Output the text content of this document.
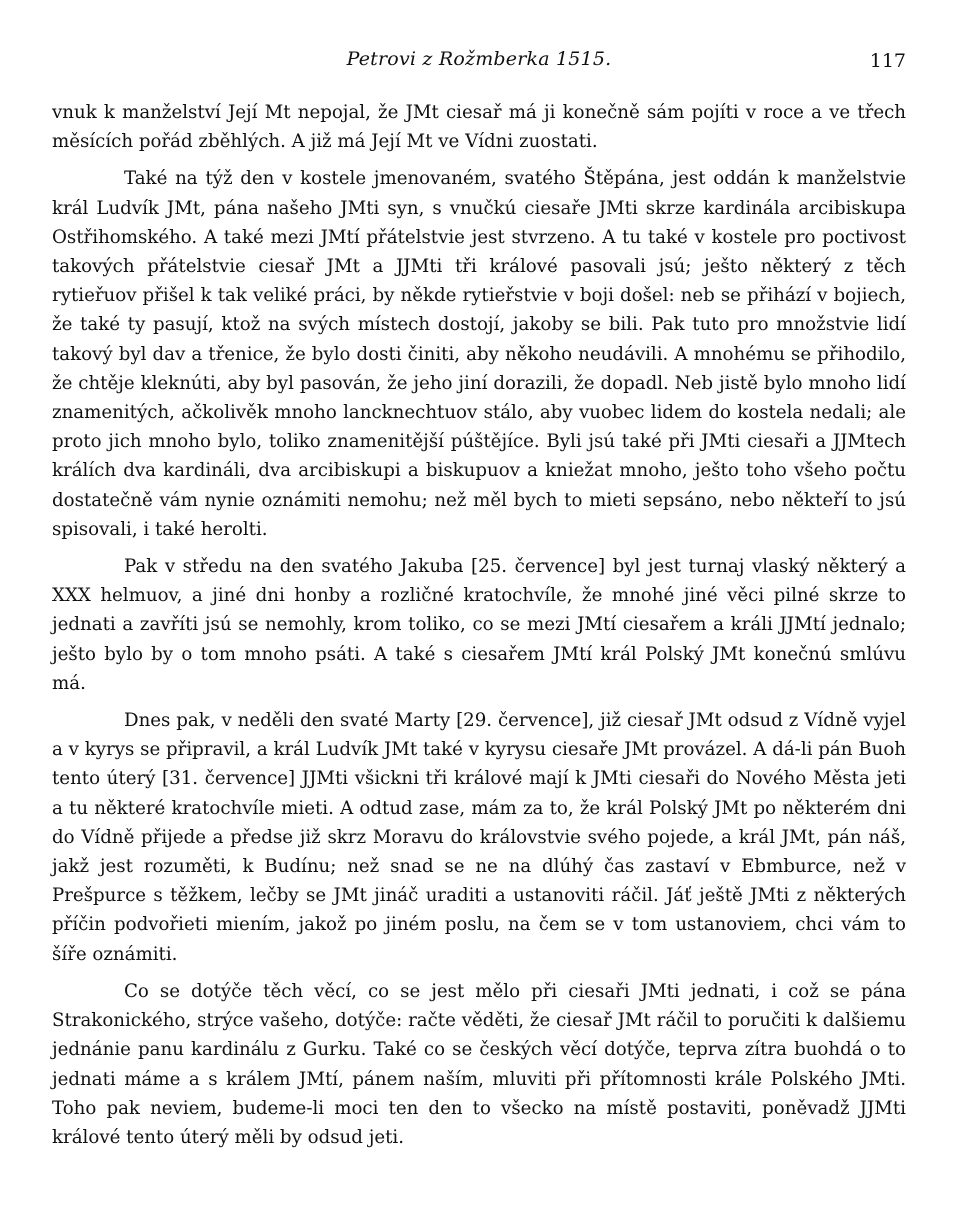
Petrovi z Rožmberka 1515.	117

vnuk k manželství Její Mt nepojal, že JMt ciesař má ji konečně sám pojíti v roce a ve třech měsících pořád zběhlých. A již má Její Mt ve Vídni zuostati.

Také na týž den v kostele jmenovaném, svatého Štěpána, jest oddán k manželstvie král Ludvík JMt, pána našeho JMti syn, s vnučkú ciesaře JMti skrze kardinála arcibiskupa Ostřihomského. A také mezi JMtí přátelstvie jest stvrzeno. A tu také v kostele pro poctivost takových přátelstvie ciesař JMt a JJMti tři králové pasovali jsú; ješto některý z těch rytieřuov přišel k tak veliké práci, by někde rytieřstvie v boji došel: neb se přihází v bojiech, že také ty pasují, ktož na svých místech dostojí, jakoby se bili. Pak tuto pro množstvie lidí takový byl dav a třenice, že bylo dosti činiti, aby někoho neudávili. A mnohému se přihodilo, že chtěje kleknúti, aby byl pasován, že jeho jiní dorazili, že dopadl. Neb jistě bylo mnoho lidí znamenitých, ačkolivěk mnoho lancknechtuov stálo, aby vuobec lidem do kostela nedali; ale proto jich mnoho bylo, toliko znamenitější púštějíce. Byli jsú také při JMti ciesaři a JJMtech králích dva kardináli, dva arcibiskupi a biskupuov a kniežat mnoho, ješto toho všeho počtu dostatečně vám nynie oznámiti nemohu; než měl bych to mieti sepsáno, nebo někteří to jsú spisovali, i také herolti.

Pak v středu na den svatého Jakuba [25. července] byl jest turnaj vlaský některý a XXX helmuov, a jiné dni honby a rozličné kratochvíle, že mnohé jiné věci pilné skrze to jednati a zavříti jsú se nemohly, krom toliko, co se mezi JMtí ciesařem a králi JJMtí jednalo; ješto bylo by o tom mnoho psáti. A také s ciesařem JMtí král Polský JMt konečnú smlúvu má.

Dnes pak, v neděli den svaté Marty [29. července], již ciesař JMt odsud z Vídně vyjel a v kyrys se připravil, a král Ludvík JMt také v kyrysu ciesaře JMt provázel. A dá-li pán Buoh tento úterý [31. července] JJMti všickni tři králové mají k JMti ciesaři do Nového Města jeti a tu některé kratochvíle mieti. A odtud zase, mám za to, že král Polský JMt po některém dni do Vídně přijede a předse již skrz Moravu do královstvie svého pojede, a král JMt, pán náš, jakž jest rozuměti, k Budínu; než snad se ne na dlúhý čas zastaví v Ebmburce, než v Prešpurce s těžkem, lečby se JMt jináč uraditi a ustanoviti ráčil. Jáť ještě JMti z některých příčin podvořieti miením, jakož po jiném poslu, na čem se v tom ustanoviem, chci vám to šíře oznámiti.

Co se dotýče těch věcí, co se jest mělo při ciesaři JMti jednati, i což se pána Strakonického, strýce vašeho, dotýče: račte věděti, že ciesař JMt ráčil to poručiti k dalšiemu jednánie panu kardinálu z Gurku. Také co se českých věcí dotýče, teprva zítra buohdá o to jednati máme a s králem JMtí, pánem naším, mluviti při přítomnosti krále Polského JMti. Toho pak neviem, budeme-li moci ten den to všecko na místě postaviti, poněvadž JJMti králové tento úterý měli by odsud jeti.
